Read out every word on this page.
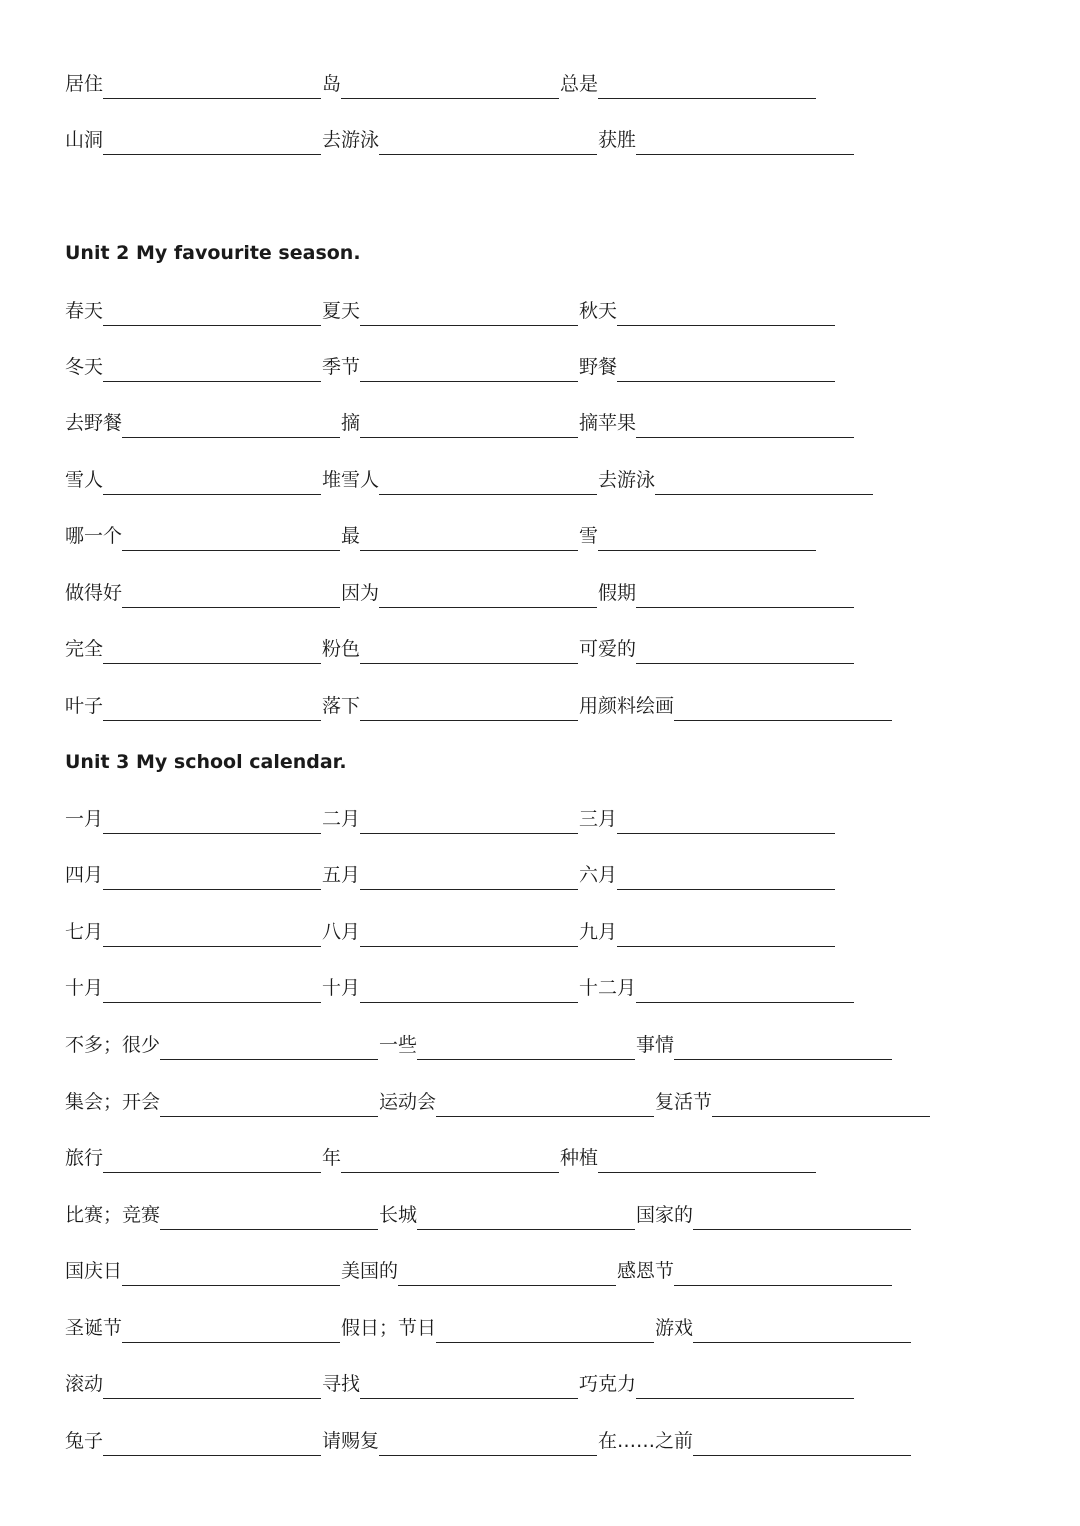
居住	岛	总是
山洞	去游泳	获胜
Unit 2 My favourite season.
春天	夏天	秋天
冬天	季节	野餐
去野餐	摘	摘苹果
雪人	堆雪人	去游泳
哪一个	最	雪
做得好	因为	假期
完全	粉色	可爱的
叶子	落下	用颜料绘画
Unit 3 My school calendar.
一月	二月	三月
四月	五月	六月
七月	八月	九月
十月	十月	十二月
不多；很少	一些	事情
集会；开会	运动会	复活节
旅行	年	种植
比赛；竞赛	长城	国家的
国庆日	美国的	感恩节
圣诞节	假日；节日	游戏
滚动	寻找	巧克力
兔子	请赐复	在……之前
